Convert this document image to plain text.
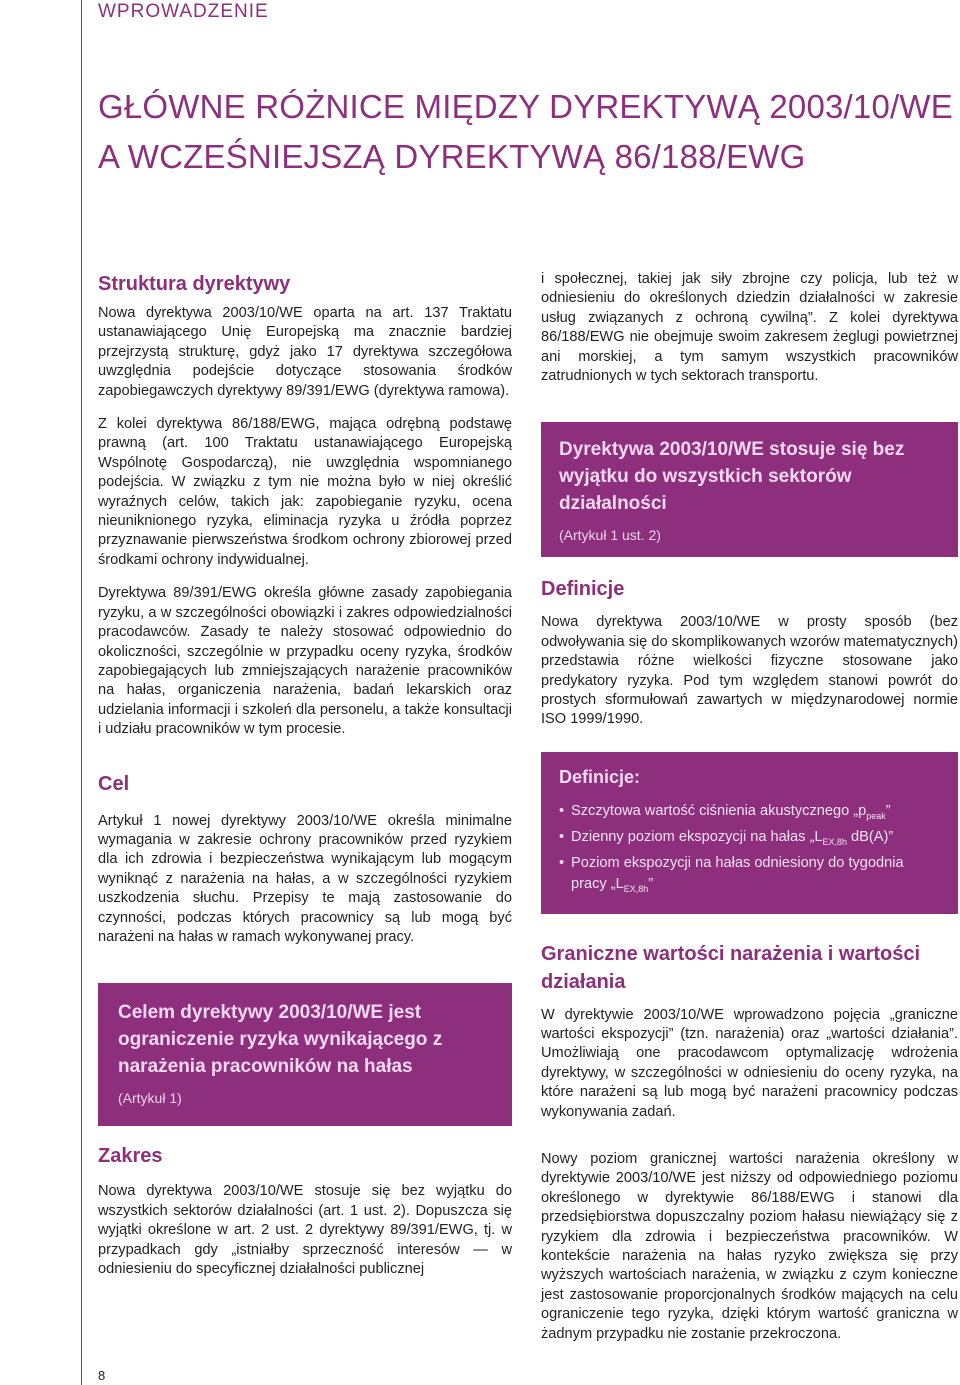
WPROWADZENIE
GŁÓWNE RÓŻNICE MIĘDZY DYREKTYWĄ 2003/10/WE
A WCZEŚNIEJSZĄ DYREKTYWĄ 86/188/EWG
Struktura dyrektywy

Nowa dyrektywa 2003/10/WE oparta na art. 137 Traktatu ustanawiającego Unię Europejską ma znacznie bardziej przejrzystą strukturę, gdyż jako 17 dyrektywa szczegółowa uwzględnia podejście dotyczące stosowania środków zapobiegawczych dyrektywy 89/391/EWG (dyrektywa ramowa).

Z kolei dyrektywa 86/188/EWG, mająca odrębną podstawę prawną (art. 100 Traktatu ustanawiającego Europejską Wspólnotę Gospodarczą), nie uwzględnia wspomnianego podejścia. W związku z tym nie można było w niej określić wyraźnych celów, takich jak: zapobieganie ryzyku, ocena nieuniknionego ryzyka, eliminacja ryzyka u źródła poprzez przyznawanie pierwszeństwa środkom ochrony zbiorowej przed środkami ochrony indywidualnej.

Dyrektywa 89/391/EWG określa główne zasady zapobiegania ryzyku, a w szczególności obowiązki i zakres odpowiedzialności pracodawców. Zasady te należy stosować odpowiednio do okoliczności, szczególnie w przypadku oceny ryzyka, środków zapobiegających lub zmniejszających narażenie pracowników na hałas, organiczenia narażenia, badań lekarskich oraz udzielania informacji i szkoleń dla personelu, a także konsultacji i udziału pracowników w tym procesie.

Cel

Artykuł 1 nowej dyrektywy 2003/10/WE określa minimalne wymagania w zakresie ochrony pracowników przed ryzykiem dla ich zdrowia i bezpieczeństwa wynikającym lub mogącym wyniknąć z narażenia na hałas, a w szczególności ryzykiem uszkodzenia słuchu. Przepisy te mają zastosowanie do czynności, podczas których pracownicy są lub mogą być narażeni na hałas w ramach wykonywanej pracy.

Celem dyrektywy 2003/10/WE jest ograniczenie ryzyka wynikającego z narażenia pracowników na hałas
(Artykuł 1)
Zakres

Nowa dyrektywa 2003/10/WE stosuje się bez wyjątku do wszystkich sektorów działalności (art. 1 ust. 2). Dopuszcza się wyjątki określone w art. 2 ust. 2 dyrektywy 89/391/EWG, tj. w przypadkach gdy „istniałby sprzeczność interesów — w odniesieniu do specyficznej działalności publicznej

i społecznej, takiej jak siły zbrojne czy policja, lub też w odniesieniu do określonych dziedzin działalności w zakresie usług związanych z ochroną cywilną”. Z kolei dyrektywa 86/188/EWG nie obejmuje swoim zakresem żeglugi powietrznej ani morskiej, a tym samym wszystkich pracowników zatrudnionych w tych sektorach transportu.

Dyrektywa 2003/10/WE stosuje się bez wyjątku do wszystkich sektorów działalności
(Artykuł 1 ust. 2)
Definicje

Nowa dyrektywa 2003/10/WE w prosty sposób (bez odwoływania się do skomplikowanych wzorów matematycznych) przedstawia różne wielkości fizyczne stosowane jako predykatory ryzyka. Pod tym względem stanowi powrót do prostych sformułowań zawartych w międzynarodowej normie ISO 1999/1990.

Definicje:
• Szczytowa wartość ciśnienia akustycznego $„p_{peak}$”
• Dzienny poziom ekspozycji na hałas $„L_{EX,8h}$ dB(A)”
• Poziom ekspozycji na hałas odniesiony do tygodnia pracy $„L_{EX,8h}$”
Graniczne wartości narażenia i wartości działania

W dyrektywie 2003/10/WE wprowadzono pojęcia „graniczne wartości ekspozycji” (tzn. narażenia) oraz „wartości działania”. Umożliwiają one pracodawcom optymalizację wdrożenia dyrektywy, w szczególności w odniesieniu do oceny ryzyka, na które narażeni są lub mogą być narażeni pracownicy podczas wykonywania zadań.

Nowy poziom granicznej wartości narażenia określony w dyrektywie 2003/10/WE jest niższy od odpowiedniego poziomu określonego w dyrektywie 86/188/EWG i stanowi dla przedsiębiorstwa dopuszczalny poziom hałasu niewiążący się z ryzykiem dla zdrowia i bezpieczeństwa pracowników. W kontekście narażenia na hałas ryzyko zwiększa się przy wyższych wartościach narażenia, w związku z czym konieczne jest zastosowanie proporcjonalnych środków mających na celu ograniczenie tego ryzyka, dzięki którym wartość graniczna w żadnym przypadku nie zostanie przekroczona.

8
